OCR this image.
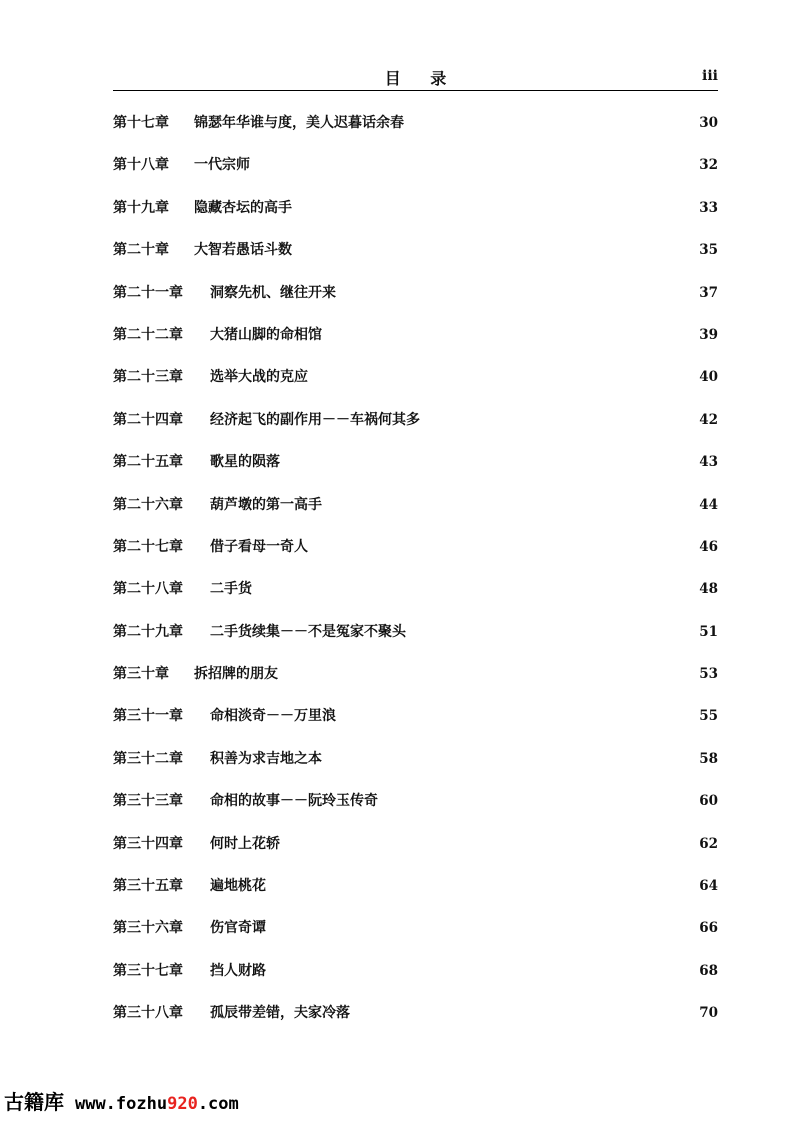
目 录	iii
第十七章 锦瑟年华谁与度，美人迟暮话余春	30
第十八章 一代宗师	32
第十九章 隐藏杏坛的高手	33
第二十章 大智若愚话斗数	35
第二十一章 洞察先机、继往开来	37
第二十二章 大猪山脚的命相馆	39
第二十三章 选举大战的克应	40
第二十四章 经济起飞的副作用－－车祸何其多	42
第二十五章 歌星的陨落	43
第二十六章 葫芦墩的第一高手	44
第二十七章 借子看母一奇人	46
第二十八章 二手货	48
第二十九章 二手货续集－－不是冤家不聚头	51
第三十章 拆招牌的朋友	53
第三十一章 命相淡奇－－万里浪	55
第三十二章 积善为求吉地之本	58
第三十三章 命相的故事－－阮玲玉传奇	60
第三十四章 何时上花轿	62
第三十五章 遍地桃花	64
第三十六章 伤官奇谭	66
第三十七章 挡人财路	68
第三十八章 孤辰带差错，夫家冷落	70
古籍库 www.fozhu920.com
